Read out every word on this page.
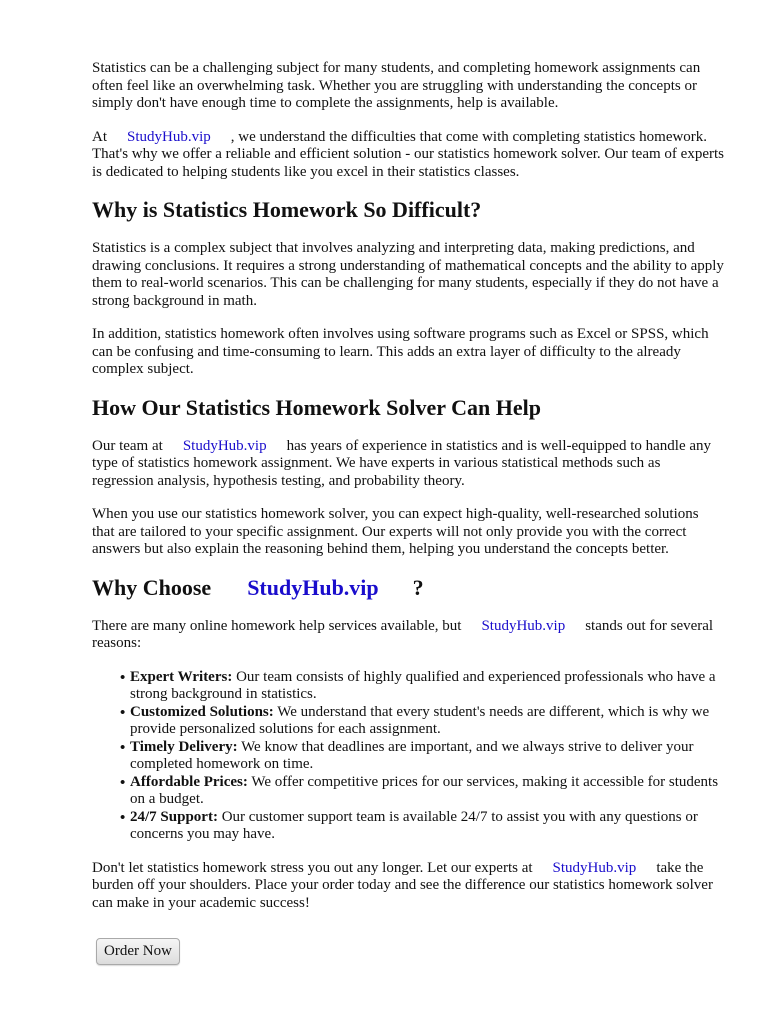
Statistics can be a challenging subject for many students, and completing homework assignments can often feel like an overwhelming task. Whether you are struggling with understanding the concepts or simply don't have enough time to complete the assignments, help is available.

At StudyHub.vip , we understand the difficulties that come with completing statistics homework. That's why we offer a reliable and efficient solution - our statistics homework solver. Our team of experts is dedicated to helping students like you excel in their statistics classes.

Why is Statistics Homework So Difficult?

Statistics is a complex subject that involves analyzing and interpreting data, making predictions, and drawing conclusions. It requires a strong understanding of mathematical concepts and the ability to apply them to real-world scenarios. This can be challenging for many students, especially if they do not have a strong background in math.

In addition, statistics homework often involves using software programs such as Excel or SPSS, which can be confusing and time-consuming to learn. This adds an extra layer of difficulty to the already complex subject.

How Our Statistics Homework Solver Can Help

Our team at StudyHub.vip has years of experience in statistics and is well-equipped to handle any type of statistics homework assignment. We have experts in various statistical methods such as regression analysis, hypothesis testing, and probability theory.

When you use our statistics homework solver, you can expect high-quality, well-researched solutions that are tailored to your specific assignment. Our experts will not only provide you with the correct answers but also explain the reasoning behind them, helping you understand the concepts better.

Why Choose StudyHub.vip ?

There are many online homework help services available, but StudyHub.vip stands out for several reasons:

• Expert Writers: Our team consists of highly qualified and experienced professionals who have a strong background in statistics.
• Customized Solutions: We understand that every student's needs are different, which is why we provide personalized solutions for each assignment.
• Timely Delivery: We know that deadlines are important, and we always strive to deliver your completed homework on time.
• Affordable Prices: We offer competitive prices for our services, making it accessible for students on a budget.
• 24/7 Support: Our customer support team is available 24/7 to assist you with any questions or concerns you may have.

Don't let statistics homework stress you out any longer. Let our experts at StudyHub.vip take the burden off your shoulders. Place your order today and see the difference our statistics homework solver can make in your academic success!

Order Now
